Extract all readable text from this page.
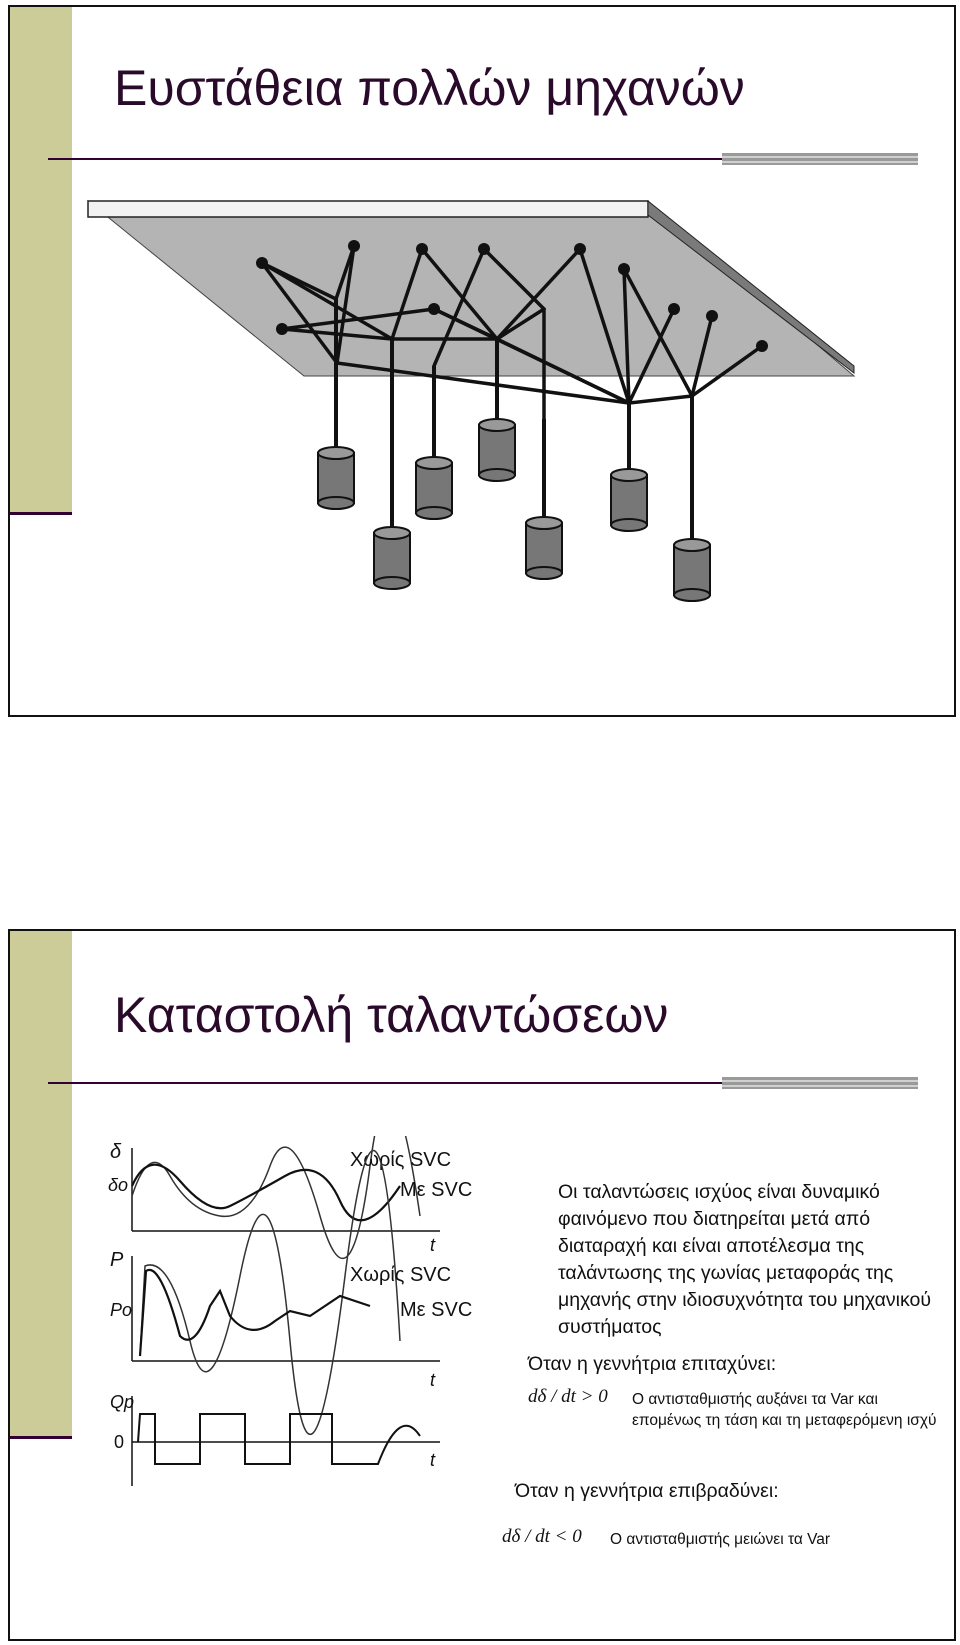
Ευστάθεια πολλών μηχανών
Καταστολή ταλαντώσεων
δ
δo
t
Χωρίς SVC
Με SVC
P
Po
t
Χωρίς SVC
Με SVC
Qp
0
t
Οι ταλαντώσεις ισχύος είναι δυναμικό φαινόμενο που διατηρείται μετά από διαταραχή και είναι αποτέλεσμα της ταλάντωσης της γωνίας μεταφοράς της μηχανής στην ιδιοσυχνότητα του μηχανικού συστήματος
Όταν η γεννήτρια επιταχύνει:
dδ / dt > 0 Ο αντισταθμιστής αυξάνει τα Var και επομένως τη τάση και τη μεταφερόμενη ισχύ
Όταν η γεννήτρια επιβραδύνει:
dδ / dt < 0 Ο αντισταθμιστής μειώνει τα Var
